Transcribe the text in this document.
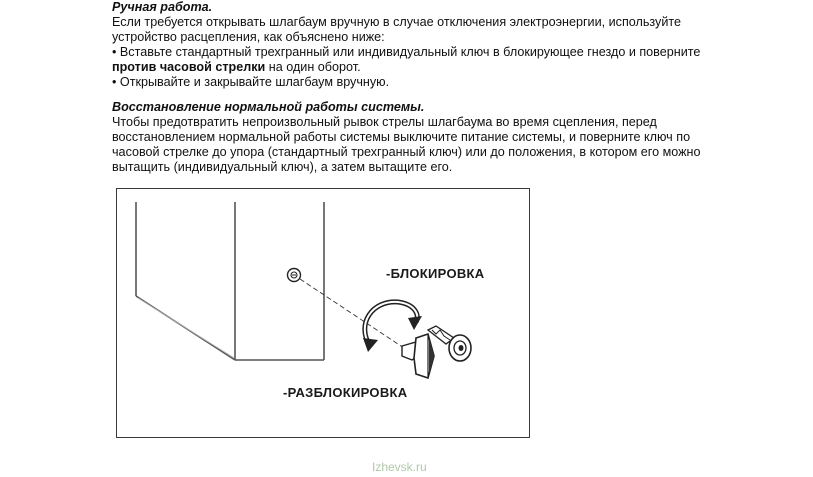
Ручная работа.
Если требуется открывать шлагбаум вручную в случае отключения электроэнергии, используйте
устройство расцепления, как объяснено ниже:
• Вставьте стандартный трехгранный или индивидуальный ключ в блокирующее гнездо и поверните
против часовой стрелки на один оборот.
• Открывайте и закрывайте шлагбаум вручную.
Восстановление нормальной работы системы.
Чтобы предотвратить непроизвольный рывок стрелы шлагбаума во время сцепления, перед
восстановлением нормальной работы системы выключите питание системы, и поверните ключ по
часовой стрелке до упора (стандартный трехгранный ключ) или до положения, в котором его можно
вытащить (индивидуальный ключ), а затем вытащите его.
-БЛОКИРОВКА
-РАЗБЛОКИРОВКА
Izhevsk.ru
